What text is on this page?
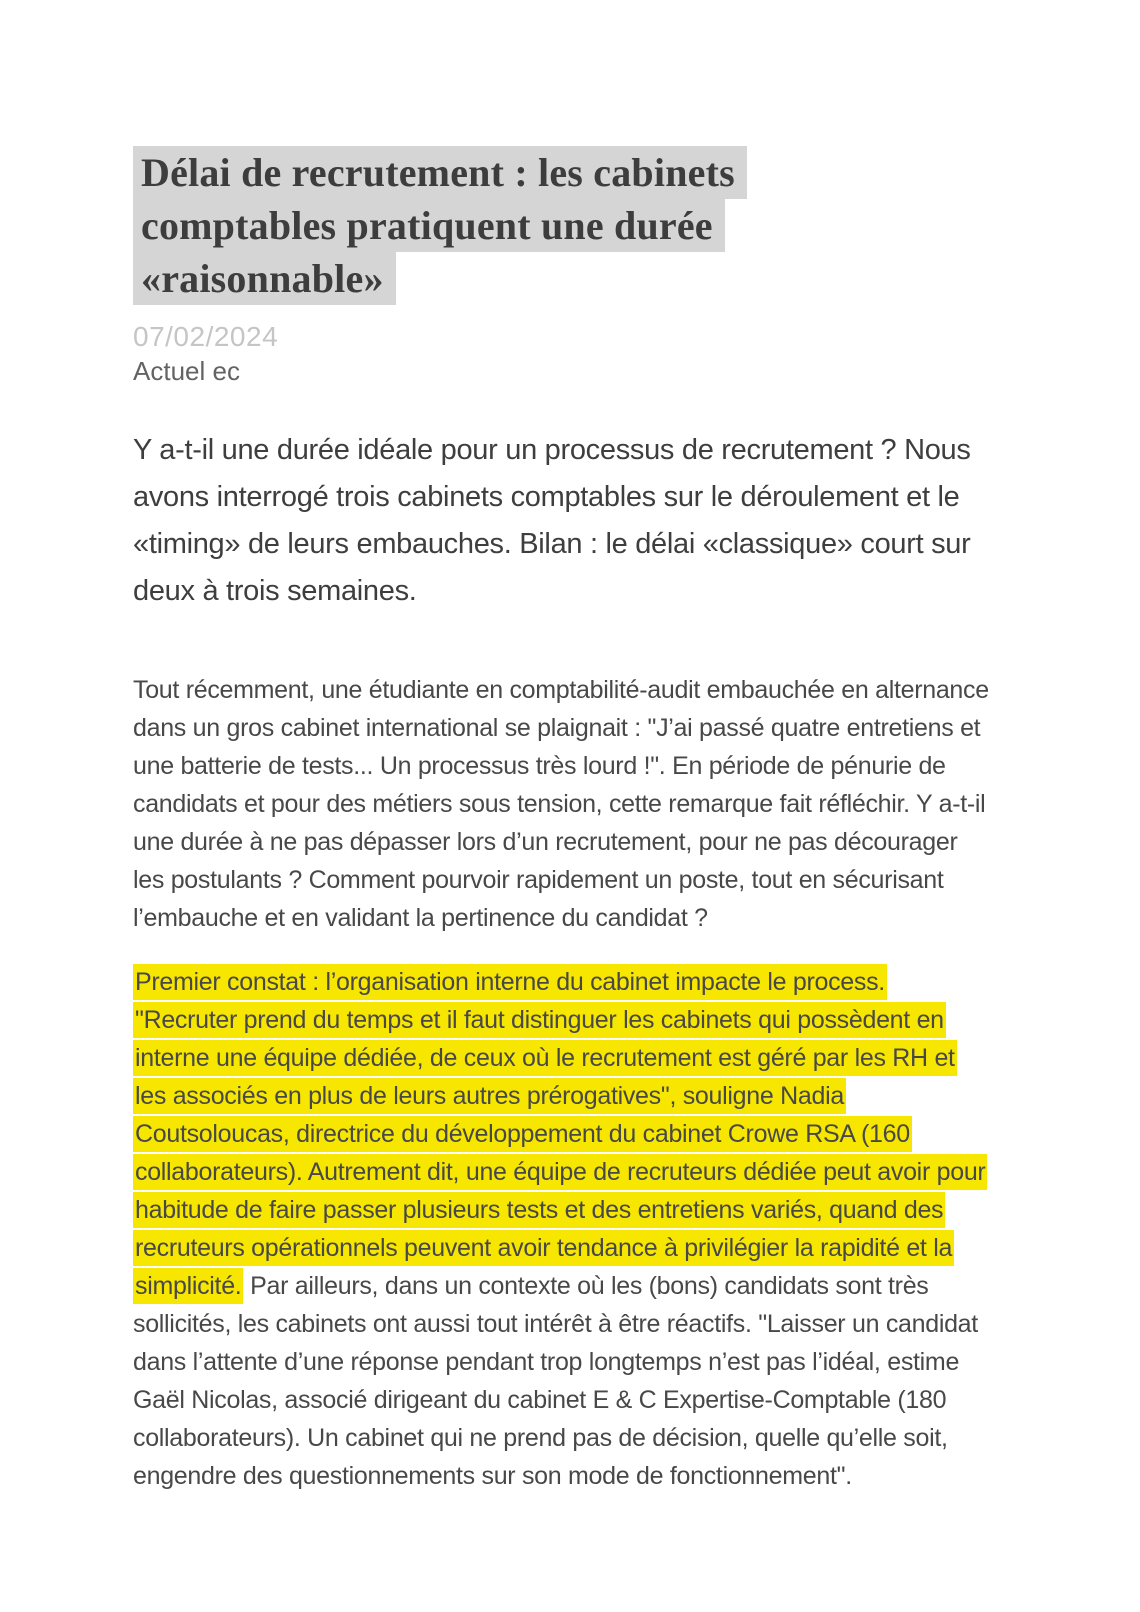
Délai de recrutement : les cabinets
comptables pratiquent une durée
«raisonnable»
07/02/2024
Actuel ec

Y a-t-il une durée idéale pour un processus de recrutement ? Nous avons interrogé trois cabinets comptables sur le déroulement et le «timing» de leurs embauches. Bilan : le délai «classique» court sur deux à trois semaines.

Tout récemment, une étudiante en comptabilité-audit embauchée en alternance dans un gros cabinet international se plaignait : "J’ai passé quatre entretiens et une batterie de tests... Un processus très lourd !". En période de pénurie de candidats et pour des métiers sous tension, cette remarque fait réfléchir. Y a-t-il une durée à ne pas dépasser lors d’un recrutement, pour ne pas décourager les postulants ? Comment pourvoir rapidement un poste, tout en sécurisant l’embauche et en validant la pertinence du candidat ?

Premier constat : l’organisation interne du cabinet impacte le process. "Recruter prend du temps et il faut distinguer les cabinets qui possèdent en interne une équipe dédiée, de ceux où le recrutement est géré par les RH et les associés en plus de leurs autres prérogatives", souligne Nadia Coutsoloucas, directrice du développement du cabinet Crowe RSA (160 collaborateurs). Autrement dit, une équipe de recruteurs dédiée peut avoir pour habitude de faire passer plusieurs tests et des entretiens variés, quand des recruteurs opérationnels peuvent avoir tendance à privilégier la rapidité et la simplicité. Par ailleurs, dans un contexte où les (bons) candidats sont très sollicités, les cabinets ont aussi tout intérêt à être réactifs. "Laisser un candidat dans l’attente d’une réponse pendant trop longtemps n’est pas l’idéal, estime Gaël Nicolas, associé dirigeant du cabinet E & C Expertise-Comptable (180 collaborateurs). Un cabinet qui ne prend pas de décision, quelle qu’elle soit, engendre des questionnements sur son mode de fonctionnement".
